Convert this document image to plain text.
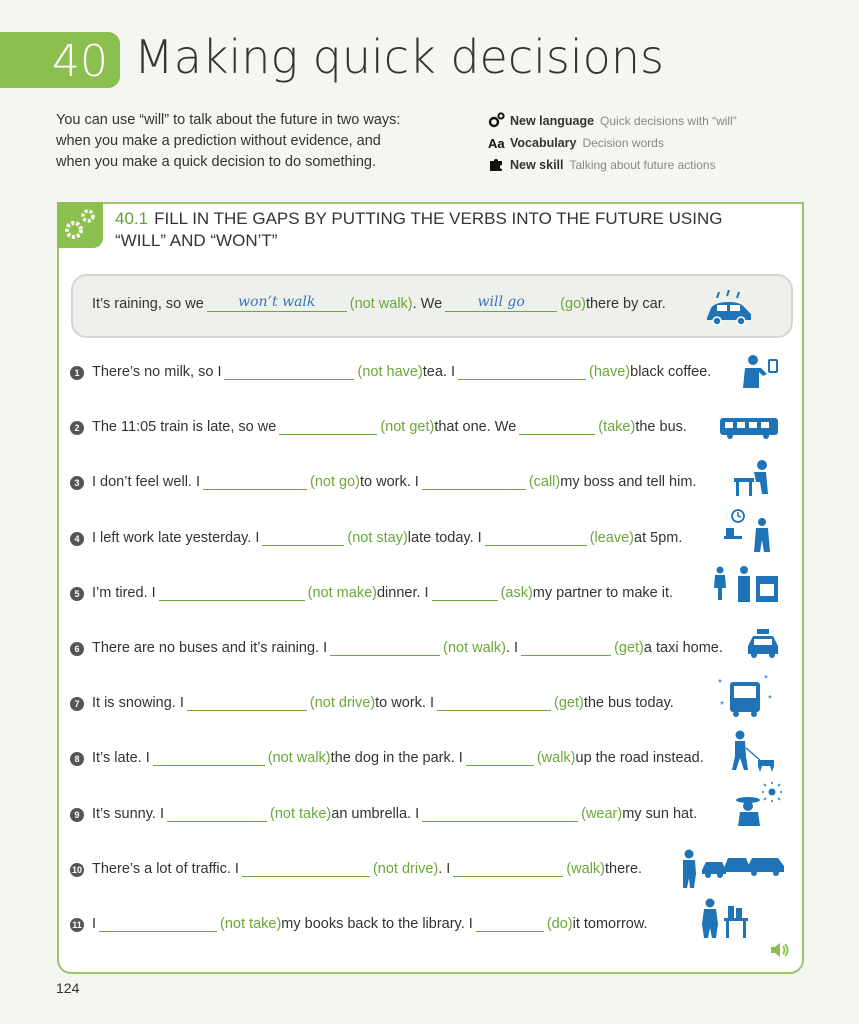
40 Making quick decisions
You can use “will” to talk about the future in two ways:
when you make a prediction without evidence, and
when you make a quick decision to do something.
New language Quick decisions with “will”
Aa Vocabulary Decision words
New skill Talking about future actions
40.1 FILL IN THE GAPS BY PUTTING THE VERBS INTO THE FUTURE USING
“WILL” AND “WON’T”
It’s raining, so we	won’t walk	(not walk) . We	will go	(go) there by car.
1 There’s no milk, so I	(not have) tea. I	(have) black coffee.
2 The 11:05 train is late, so we	(not get) that one. We	(take) the bus.
3 I don’t feel well. I	(not go) to work. I	(call) my boss and tell him.
4 I left work late yesterday. I	(not stay) late today. I	(leave) at 5pm.
5 I’m tired. I	(not make) dinner. I	(ask) my partner to make it.
6 There are no buses and it’s raining. I	(not walk) . I	(get) a taxi home.
7 It is snowing. I	(not drive) to work. I	(get) the bus today.
8 It’s late. I	(not walk) the dog in the park. I	(walk) up the road instead.
9 It’s sunny. I	(not take) an umbrella. I	(wear) my sun hat.
10 There’s a lot of traffic. I	(not drive) . I	(walk) there.
11 I	(not take) my books back to the library. I	(do) it tomorrow.
*	*
*
*
124
